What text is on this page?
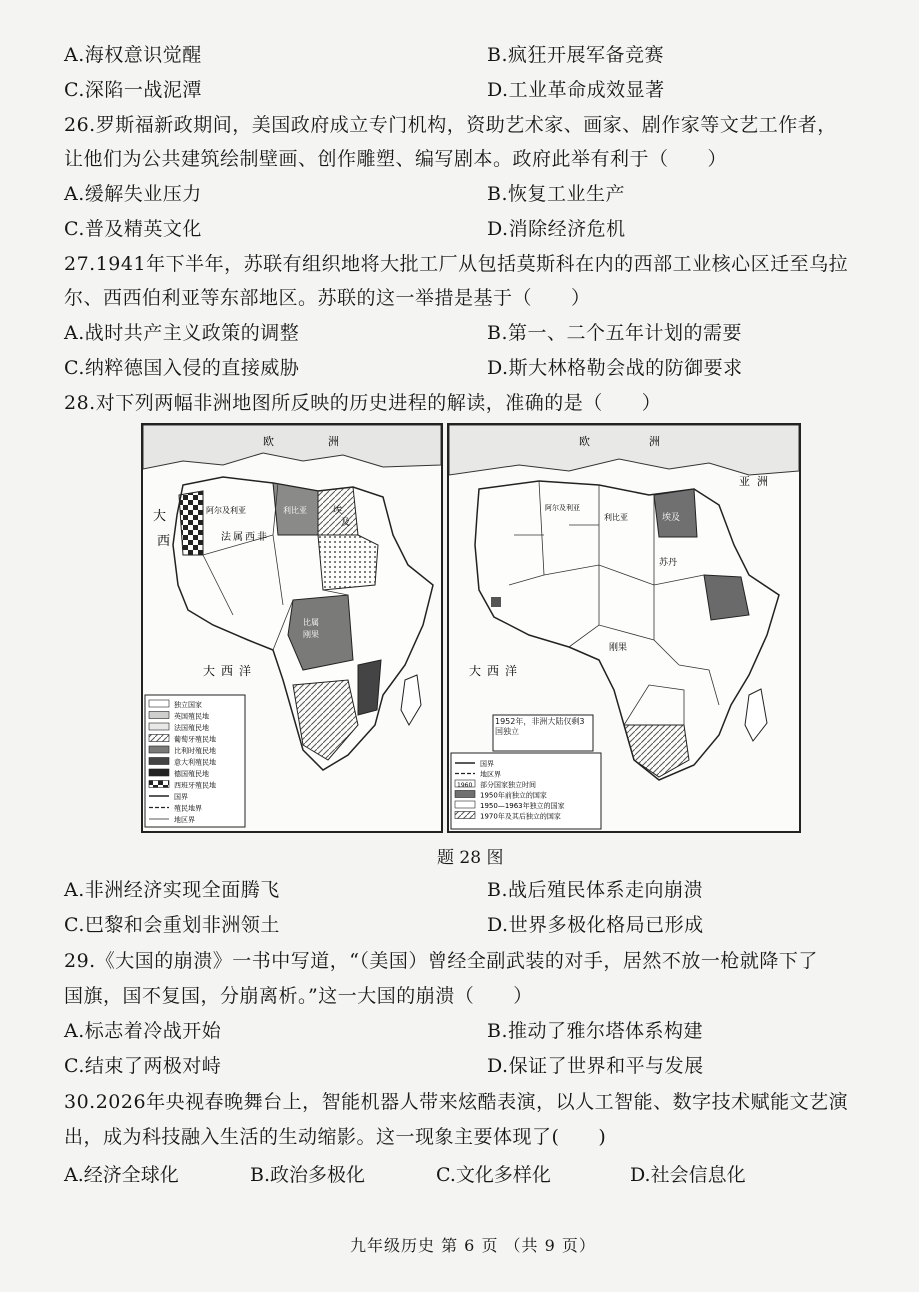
A.海权意识觉醒	B.疯狂开展军备竞赛
C.深陷一战泥潭	D.工业革命成效显著
26.罗斯福新政期间，美国政府成立专门机构，资助艺术家、画家、剧作家等文艺工作者，
让他们为公共建筑绘制壁画、创作雕塑、编写剧本。政府此举有利于（　　）
A.缓解失业压力	B.恢复工业生产
C.普及精英文化	D.消除经济危机
27.1941年下半年，苏联有组织地将大批工厂从包括莫斯科在内的西部工业核心区迁至乌拉
尔、西西伯利亚等东部地区。苏联的这一举措是基于（　　）
A.战时共产主义政策的调整	B.第一、二个五年计划的需要
C.纳粹德国入侵的直接威胁	D.斯大林格勒会战的防御要求
28.对下列两幅非洲地图所反映的历史进程的解读，准确的是（　　）
欧	洲
大
西
阿尔及利亚	利比亚	埃
及
法 属 西 非
比属
刚果
大 西 洋
独立国家
英国殖民地
法国殖民地
葡萄牙殖民地
比利时殖民地
意大利殖民地
德国殖民地
西班牙殖民地
国界
殖民地界
地区界
欧	洲
亚 洲
埃及
利比亚
阿尔及利亚
苏丹
刚果
大 西 洋
1952年，非洲大陆仅剩3国独立
国界
地区界
部分国家独立时间
1950年前独立的国家
1950—1963年独立的国家
1970年及其后独立的国家
1960
题 28 图
A.非洲经济实现全面腾飞	B.战后殖民体系走向崩溃
C.巴黎和会重划非洲领土	D.世界多极化格局已形成
29.《大国的崩溃》一书中写道，“（美国）曾经全副武装的对手，居然不放一枪就降下了
国旗，国不复国，分崩离析。”这一大国的崩溃（　　）
A.标志着冷战开始	B.推动了雅尔塔体系构建
C.结束了两极对峙	D.保证了世界和平与发展
30.2026年央视春晚舞台上，智能机器人带来炫酷表演，以人工智能、数字技术赋能文艺演
出，成为科技融入生活的生动缩影。这一现象主要体现了(　　)
A.经济全球化	B.政治多极化	C.文化多样化	D.社会信息化
九年级历史 第 6 页 （共 9 页）
